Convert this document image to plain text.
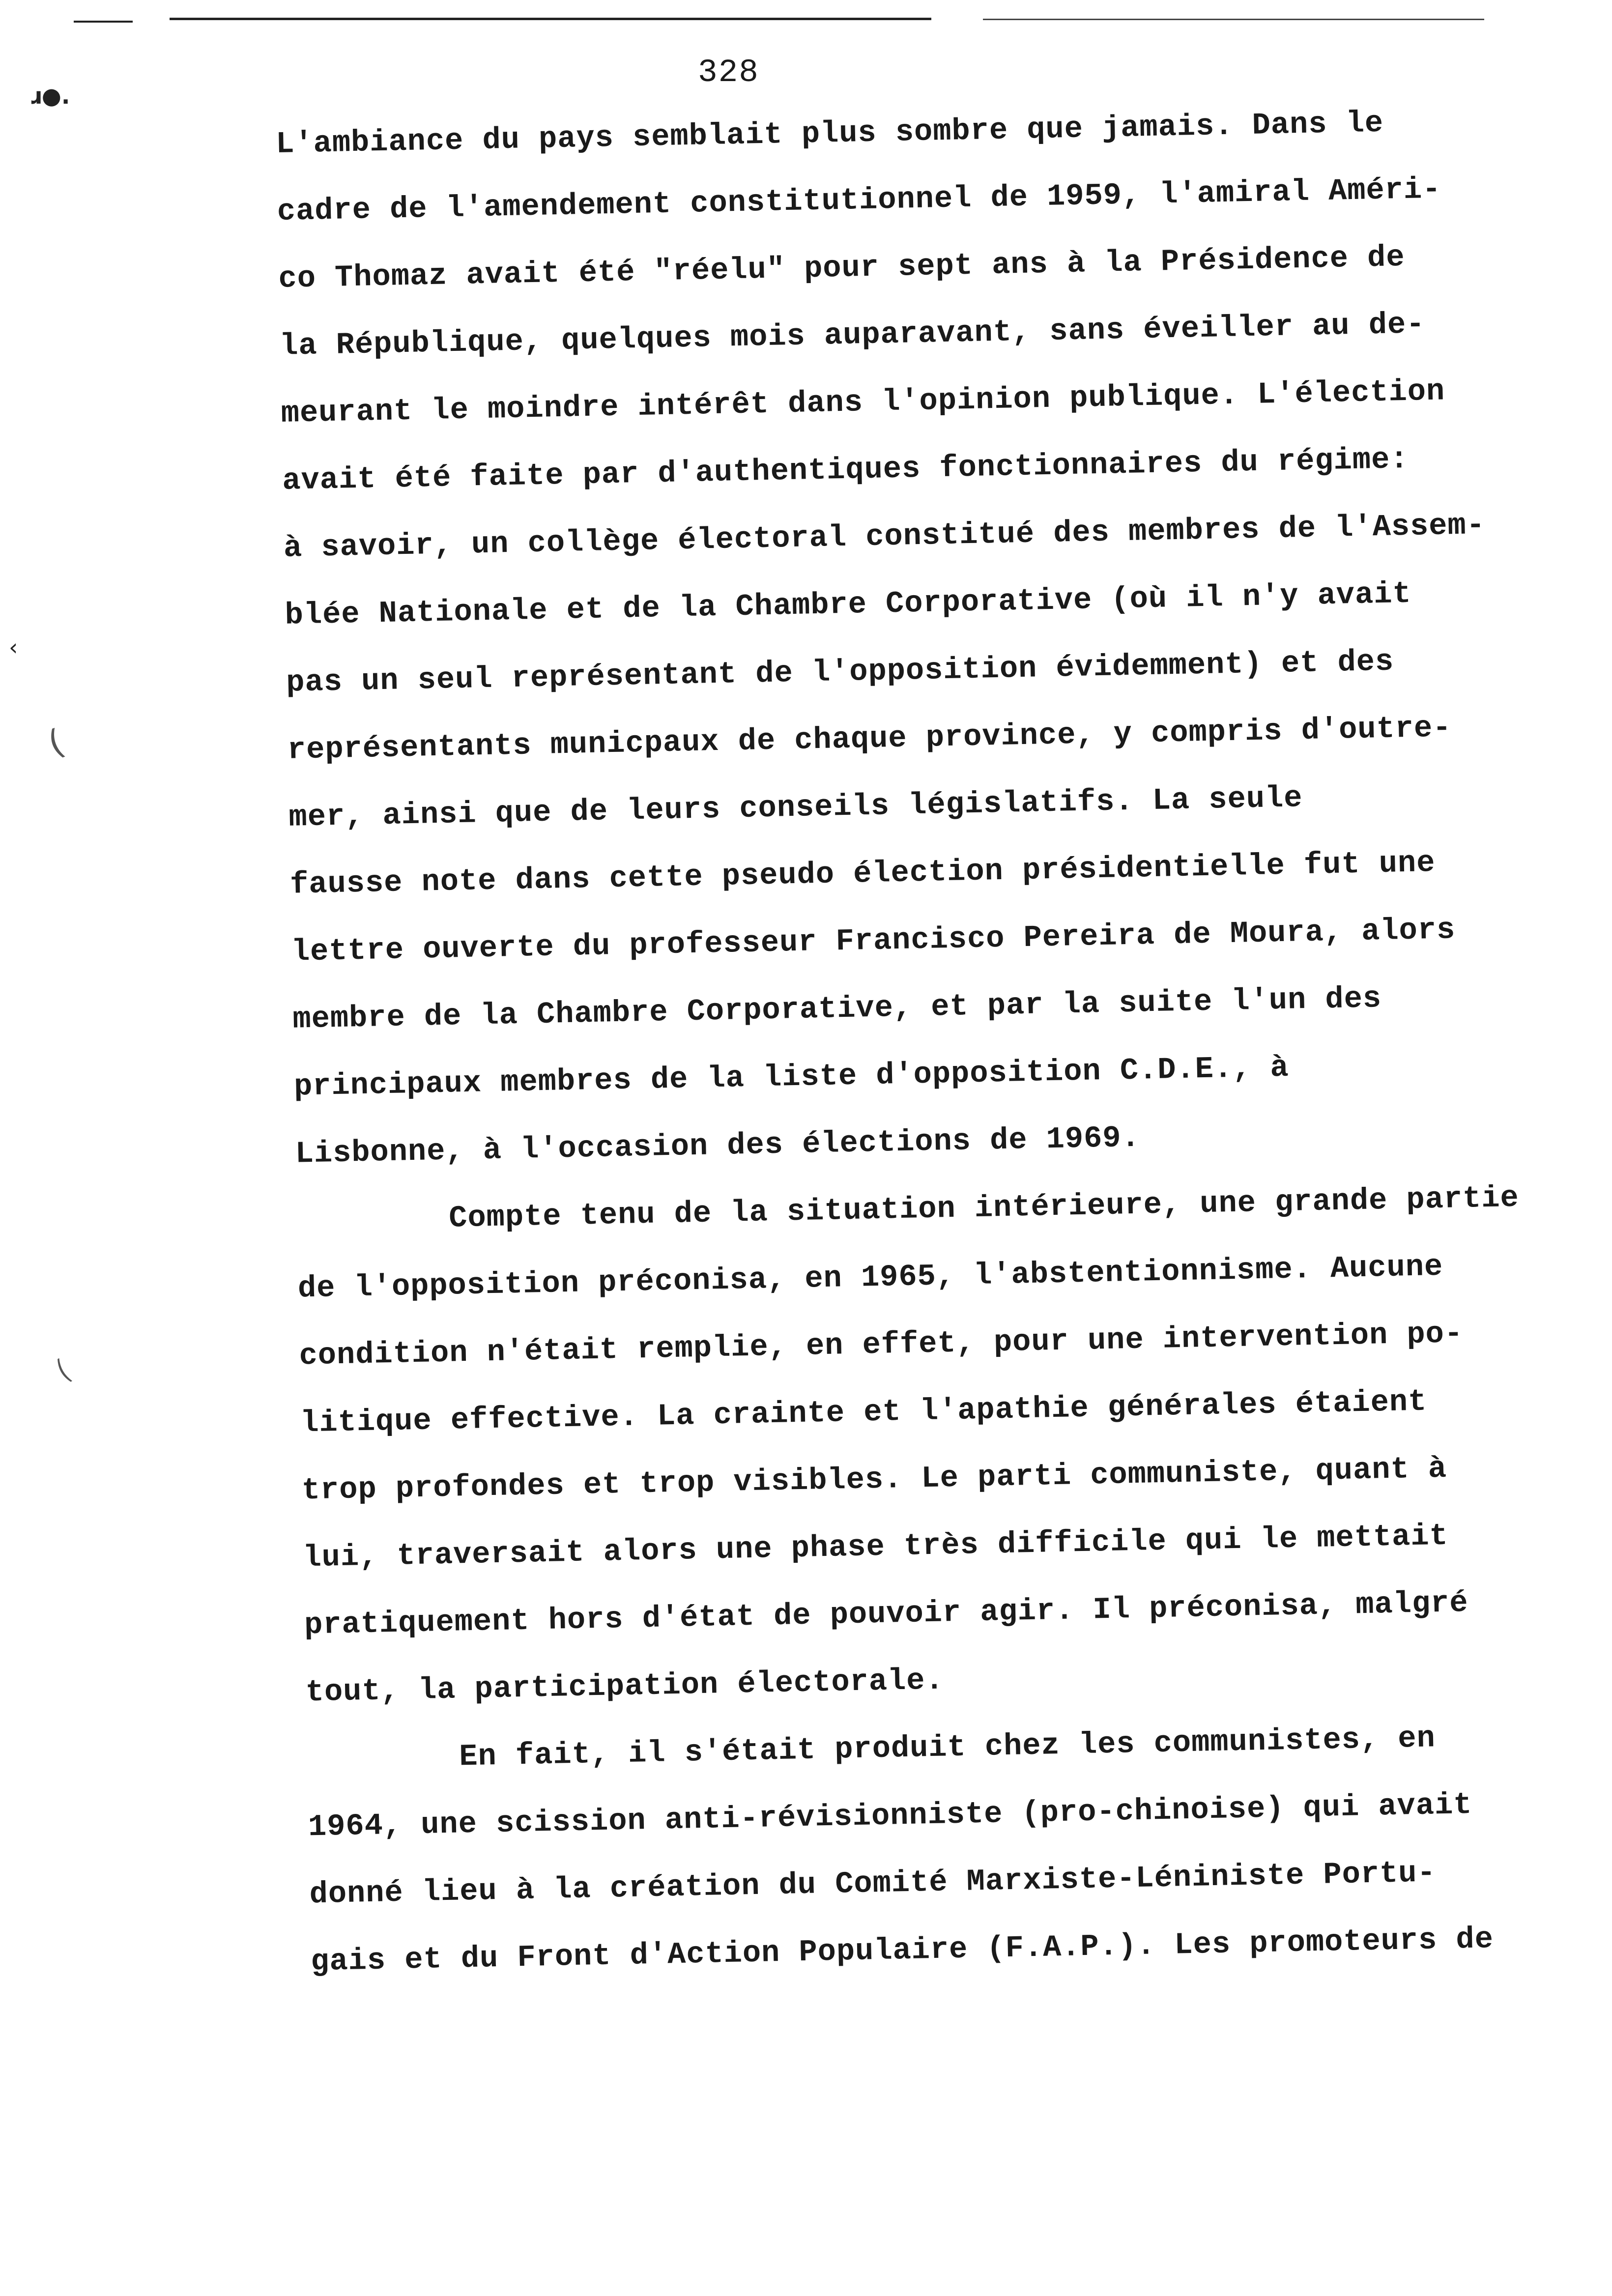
ɹ●.
‹
(
‿
328
L'ambiance du pays semblait plus sombre que jamais. Dans le
cadre de l'amendement constitutionnel de 1959, l'amiral Améri-
co Thomaz avait été "réelu" pour sept ans à la Présidence de
la République, quelques mois auparavant, sans éveiller au de-
meurant le moindre intérêt dans l'opinion publique. L'élection
avait été faite par d'authentiques fonctionnaires du régime:
à savoir, un collège électoral constitué des membres de l'Assem-
blée Nationale et de la Chambre Corporative (où il n'y avait
pas un seul représentant de l'opposition évidemment) et des
représentants municpaux de chaque province, y compris d'outre-
mer, ainsi que de leurs conseils législatifs. La seule
fausse note dans cette pseudo élection présidentielle fut une
lettre ouverte du professeur Francisco Pereira de Moura, alors
membre de la Chambre Corporative, et par la suite l'un des
principaux membres de la liste d'opposition C.D.E., à
Lisbonne, à l'occasion des élections de 1969.
Compte tenu de la situation intérieure, une grande partie
de l'opposition préconisa, en 1965, l'abstentionnisme. Aucune
condition n'était remplie, en effet, pour une intervention po-
litique effective. La crainte et l'apathie générales étaient
trop profondes et trop visibles. Le parti communiste, quant à
lui, traversait alors une phase très difficile qui le mettait
pratiquement hors d'état de pouvoir agir. Il préconisa, malgré
tout, la participation électorale.
En fait, il s'était produit chez les communistes, en
1964, une scission anti-révisionniste (pro-chinoise) qui avait
donné lieu à la création du Comité Marxiste-Léniniste Portu-
gais et du Front d'Action Populaire (F.A.P.). Les promoteurs de
